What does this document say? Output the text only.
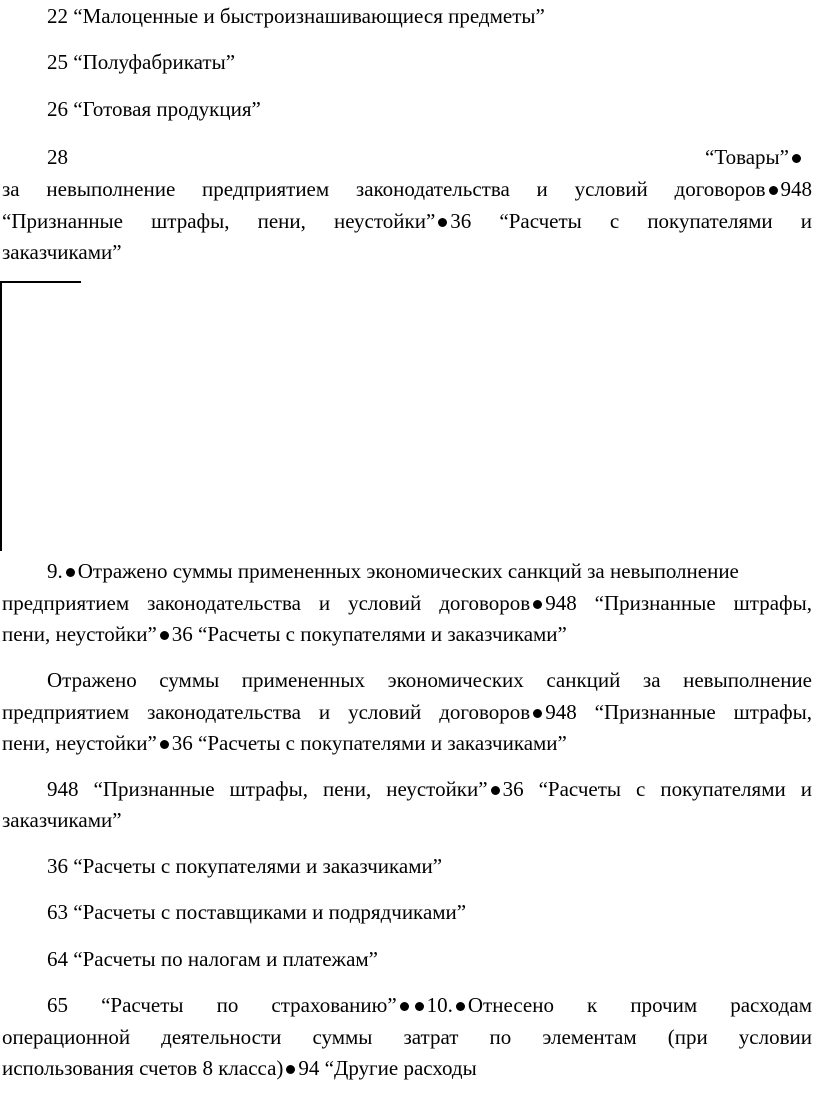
22 “Малоценные и быстроизнашивающиеся предметы”
25 “Полуфабрикаты”
26 “Готовая продукция”
28	“Товары”
за невыполнение предприятием законодательства и условий договоров 948
“Признанные штрафы, пени, неустойки” 36 “Расчеты с покупателями и
заказчиками”
9. Отражено суммы примененных экономических санкций за невыполнение
предприятием законодательства и условий договоров 948 “Признанные штрафы,
пени, неустойки” 36 “Расчеты с покупателями и заказчиками”
Отражено суммы примененных экономических санкций за невыполнение
предприятием законодательства и условий договоров 948 “Признанные штрафы,
пени, неустойки” 36 “Расчеты с покупателями и заказчиками”
948 “Признанные штрафы, пени, неустойки” 36 “Расчеты с покупателями и
заказчиками”
36 “Расчеты с покупателями и заказчиками”
63 “Расчеты с поставщиками и подрядчиками”
64 “Расчеты по налогам и платежам”
65 “Расчеты по страхованию” 10. Отнесено к прочим расходам
операционной деятельности суммы затрат по элементам (при условии
использования счетов 8 класса) 94 “Другие расходы
